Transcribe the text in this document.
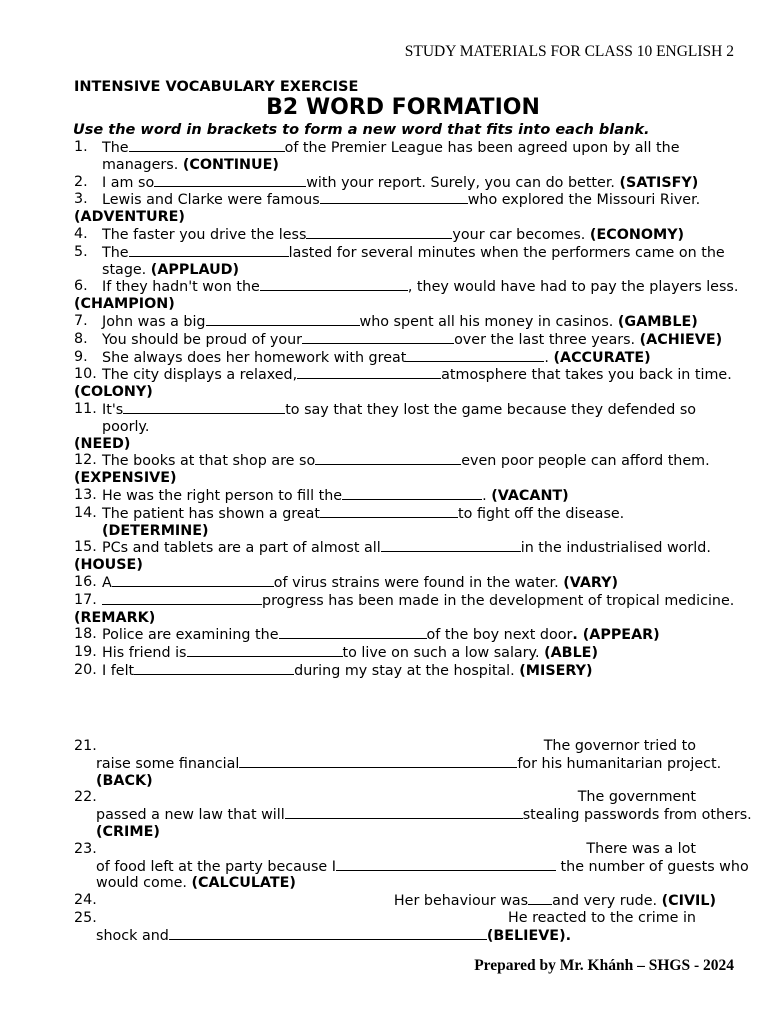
STUDY MATERIALS FOR CLASS 10 ENGLISH 2
INTENSIVE VOCABULARY EXERCISE
B2 WORD FORMATION
Use the word in brackets to form a new word that fits into each blank.
1. The	of the Premier League has been agreed upon by all the managers. (CONTINUE)
2. I am so	with your report. Surely, you can do better. (SATISFY)
3. Lewis and Clarke were famous	who explored the Missouri River.
(ADVENTURE)
4. The faster you drive the less	your car becomes. (ECONOMY)
5. The	lasted for several minutes when the performers came on the stage. (APPLAUD)
6. If they hadn't won the	, they would have had to pay the players less.
(CHAMPION)
7. John was a big	who spent all his money in casinos. (GAMBLE)
8. You should be proud of your	over the last three years. (ACHIEVE)
9. She always does her homework with great	. (ACCURATE)
10. The city displays a relaxed,	atmosphere that takes you back in time.
(COLONY)
11. It's	to say that they lost the game because they defended so poorly.
(NEED)
12. The books at that shop are so	even poor people can afford them.
(EXPENSIVE)
13. He was the right person to fill the	. (VACANT)
14. The patient has shown a great	to fight off the disease.
(DETERMINE)
15. PCs and tablets are a part of almost all	in the industrialised world.
(HOUSE)
16. A	of virus strains were found in the water. (VARY)
17.	progress has been made in the development of tropical medicine.
(REMARK)
18. Police are examining the	of the boy next door. (APPEAR)
19. His friend is	to live on such a low salary. (ABLE)
20. I felt	during my stay at the hospital. (MISERY)
21.	The governor tried to
raise some financial	for his humanitarian project. (BACK)
22.	The government
passed a new law that will	stealing passwords from others. (CRIME)
23.	There was a lot
of food left at the party because I	the number of guests who would come. (CALCULATE)
24.	Her behaviour was and very rude. (CIVIL)
25.	He reacted to the crime in
shock and	(BELIEVE).
Prepared by Mr. Khánh – SHGS - 2024
